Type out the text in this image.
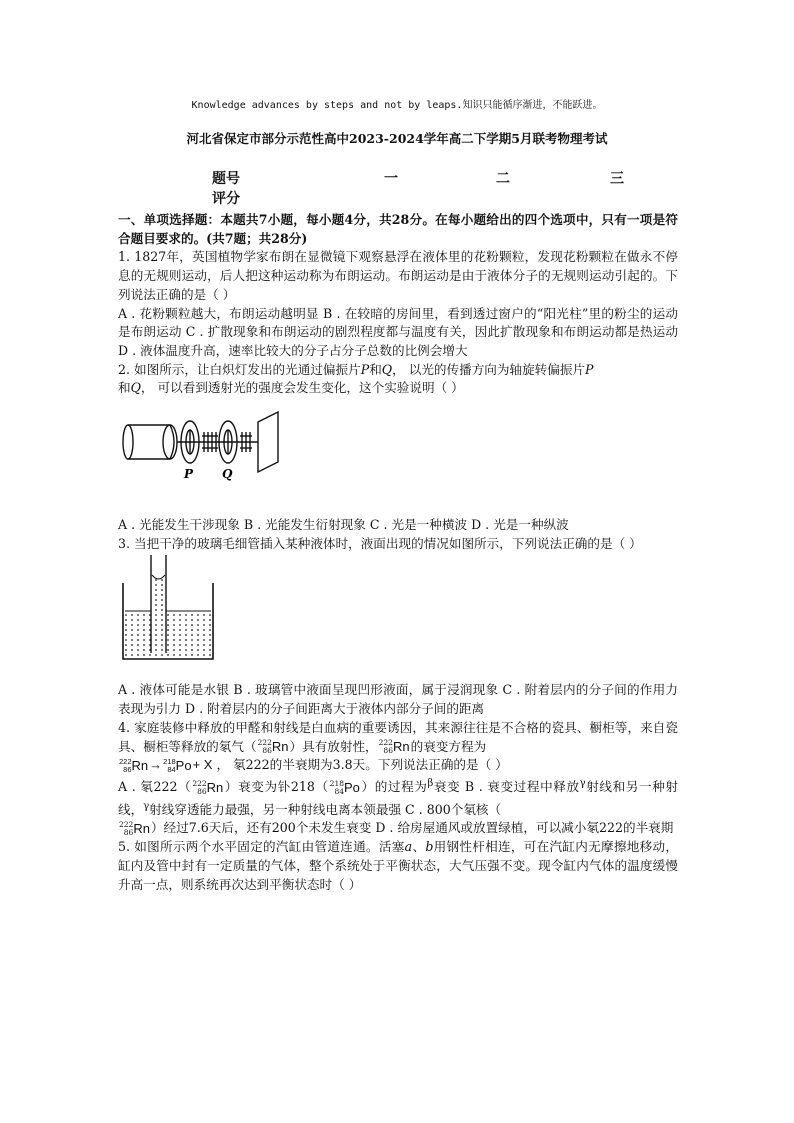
Knowledge advances by steps and not by leaps.知识只能循序渐进，不能跃进。
河北省保定市部分示范性高中2023-2024学年高二下学期5月联考物理考试
题号	一	二	三
评分

一、单项选择题：本题共7小题，每小题4分，共28分。在每小题给出的四个选项中，只有一项是符合题目要求的。(共7题；共28分)

1. 1827年，英国植物学家布朗在显微镜下观察悬浮在液体里的花粉颗粒，发现花粉颗粒在做永不停息的无规则运动，后人把这种运动称为布朗运动。布朗运动是由于液体分子的无规则运动引起的。下列说法正确的是（ ）

A . 花粉颗粒越大，布朗运动越明显 B . 在较暗的房间里，看到透过窗户的“阳光柱”里的粉尘的运动是布朗运动 C . 扩散现象和布朗运动的剧烈程度都与温度有关，因此扩散现象和布朗运动都是热运动 D . 液体温度升高，速率比较大的分子占分子总数的比例会增大

2. 如图所示，让白炽灯发出的光通过偏振片P和Q， 以光的传播方向为轴旋转偏振片P
和Q， 可以看到透射光的强度会发生变化，这个实验说明（ ）

P Q

A . 光能发生干涉现象 B . 光能发生衍射现象 C . 光是一种横波 D . 光是一种纵波

3. 当把干净的玻璃毛细管插入某种液体时，液面出现的情况如图所示，下列说法正确的是（ ）

A . 液体可能是水银 B . 玻璃管中液面呈现凹形液面，属于浸润现象 C . 附着层内的分子间的作用力表现为引力 D . 附着层内的分子间距离大于液体内部分子间的距离

4. 家庭装修中释放的甲醛和射线是白血病的重要诱因，其来源往往是不合格的瓷具、橱柜等，来自瓷具、橱柜等释放的氡气（ 222
86 Rn）具有放射性， 222
86 Rn的衰变方程为

222
86 Rn→ 218
84 Po+ X ， 氡222的半衰期为3.8天。下列说法正确的是（ ）

A . 氡222（ 222
86 Rn）衰变为钋218（ 218
84 Po）的过程为$^\beta$衰变 B . 衰变过程中释放$^\gamma$射线和另一种射线，$^\gamma$射线穿透能力最强，另一种射线电离本领最强 C . 800个氡核（

222
86 Rn）经过7.6天后，还有200个未发生衰变 D . 给房屋通风或放置绿植，可以减小氡222的半衰期

5. 如图所示两个水平固定的汽缸由管道连通。活塞a、b用钢性杆相连，可在汽缸内无摩擦地移动，缸内及管中封有一定质量的气体，整个系统处于平衡状态，大气压强不变。现令缸内气体的温度缓慢升高一点，则系统再次达到平衡状态时（ ）
